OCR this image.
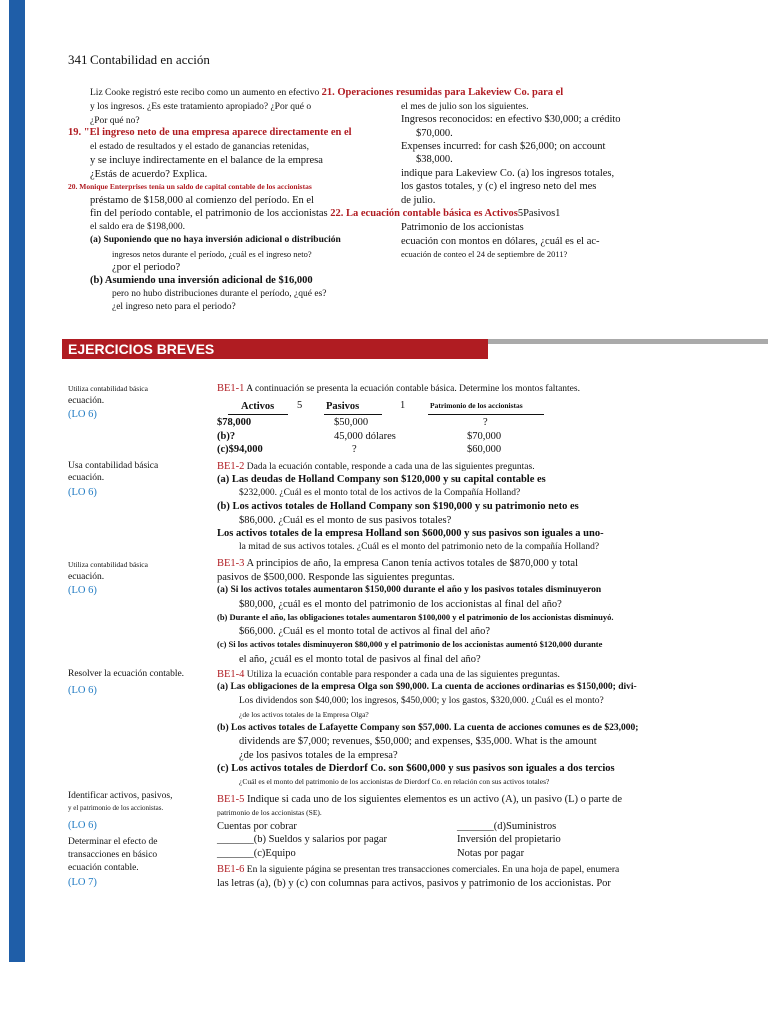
341 Contabilidad en acción
Liz Cooke registró este recibo como un aumento en efectivo 21. Operaciones resumidas para Lakeview Co. para el
y los ingresos. ¿Es este tratamiento apropiado? ¿Por qué o	el mes de julio son los siguientes.
¿Por qué no?	Ingresos reconocidos: en efectivo $30,000; a crédito
19. "El ingreso neto de una empresa aparece directamente en el	$70,000.
el estado de resultados y el estado de ganancias retenidas,	Expenses incurred: for cash $26,000; on account
y se incluye indirectamente en el balance de la empresa	$38,000.
¿Estás de acuerdo? Explica.	indique para Lakeview Co. (a) los ingresos totales,
20. Monique Enterprises tenía un saldo de capital contable de los accionistas	los gastos totales, y (c) el ingreso neto del mes
préstamo de $158,000 al comienzo del período. En el	de julio.
fin del período contable, el patrimonio de los accionistas 22. La ecuación contable básica es Activos5Pasivos1
el saldo era de $198,000.	Patrimonio de los accionistas
(a) Suponiendo que no haya inversión adicional o distribución	ecuación con montos en dólares, ¿cuál es el ac-
ingresos netos durante el período, ¿cuál es el ingreso neto?	ecuación de conteo el 24 de septiembre de 2011?
¿por el periodo?
(b) Asumiendo una inversión adicional de $16,000
pero no hubo distribuciones durante el período, ¿qué es?
¿el ingreso neto para el periodo?
EJERCICIOS BREVES
Utiliza contabilidad básica
ecuación.
(LO 6)
Usa contabilidad básica
ecuación.
(LO 6)
Utiliza contabilidad básica
ecuación.
(LO 6)
Resolver la ecuación contable.
(LO 6)
Identificar activos, pasivos,
y el patrimonio de los accionistas.
(LO 6)
Determinar el efecto de
transacciones en básico
ecuación contable.
(LO 7)
BE1-1 A continuación se presenta la ecuación contable básica. Determine los montos faltantes.
Activos 5 Pasivos	1	Patrimonio de los accionistas
$78,000	$50,000	?
(b)?	45,000 dólares	$70,000
(c)$94,000	?	$60,000
BE1-2 Dada la ecuación contable, responde a cada una de las siguientes preguntas.
(a) Las deudas de Holland Company son $120,000 y su capital contable es
$232,000. ¿Cuál es el monto total de los activos de la Compañía Holland?
(b) Los activos totales de Holland Company son $190,000 y su patrimonio neto es
$86,000. ¿Cuál es el monto de sus pasivos totales?
Los activos totales de la empresa Holland son $600,000 y sus pasivos son iguales a uno-
la mitad de sus activos totales. ¿Cuál es el monto del patrimonio neto de la compañía Holland?
BE1-3 A principios de año, la empresa Canon tenía activos totales de $870,000 y total
pasivos de $500,000. Responde las siguientes preguntas.
(a) Si los activos totales aumentaron $150,000 durante el año y los pasivos totales disminuyeron
$80,000, ¿cuál es el monto del patrimonio de los accionistas al final del año?
(b) Durante el año, las obligaciones totales aumentaron $100,000 y el patrimonio de los accionistas disminuyó.
$66,000. ¿Cuál es el monto total de activos al final del año?
(c) Si los activos totales disminuyeron $80,000 y el patrimonio de los accionistas aumentó $120,000 durante
el año, ¿cuál es el monto total de pasivos al final del año?
BE1-4 Utiliza la ecuación contable para responder a cada una de las siguientes preguntas.
(a) Las obligaciones de la empresa Olga son $90,000. La cuenta de acciones ordinarias es $150,000; divi-
Los dividendos son $40,000; los ingresos, $450,000; y los gastos, $320,000. ¿Cuál es el monto?
¿de los activos totales de la Empresa Olga?
(b) Los activos totales de Lafayette Company son $57,000. La cuenta de acciones comunes es de $23,000;
dividends are $7,000; revenues, $50,000; and expenses, $35,000. What is the amount
¿de los pasivos totales de la empresa?
(c) Los activos totales de Dierdorf Co. son $600,000 y sus pasivos son iguales a dos tercios
¿Cuál es el monto del patrimonio de los accionistas de Dierdorf Co. en relación con sus activos totales?
BE1-5 Indique si cada uno de los siguientes elementos es un activo (A), un pasivo (L) o parte de
patrimonio de los accionistas (SE).
Cuentas por cobrar	_______(d)Suministros
_______(b) Sueldos y salarios por pagar	Inversión del propietario
_______(c)Equipo	Notas por pagar
BE1-6 En la siguiente página se presentan tres transacciones comerciales. En una hoja de papel, enumera
las letras (a), (b) y (c) con columnas para activos, pasivos y patrimonio de los accionistas. Por
